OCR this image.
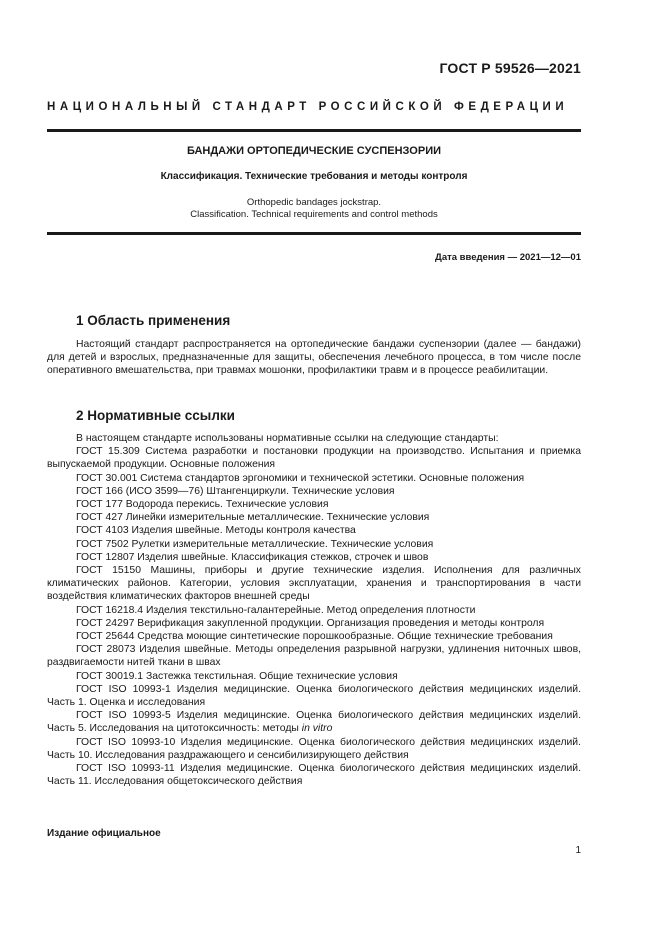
ГОСТ Р 59526—2021
НАЦИОНАЛЬНЫЙ СТАНДАРТ РОССИЙСКОЙ ФЕДЕРАЦИИ
БАНДАЖИ ОРТОПЕДИЧЕСКИЕ СУСПЕНЗОРИИ
Классификация. Технические требования и методы контроля
Orthopedic bandages jockstrap.
Classification. Technical requirements and control methods
Дата введения — 2021—12—01
1 Область применения

Настоящий стандарт распространяется на ортопедические бандажи суспензории (далее — бандажи) для детей и взрослых, предназначенные для защиты, обеспечения лечебного процесса, в том числе после оперативного вмешательства, при травмах мошонки, профилактики травм и в процессе реабилитации.

2 Нормативные ссылки

В настоящем стандарте использованы нормативные ссылки на следующие стандарты:

ГОСТ 15.309 Система разработки и постановки продукции на производство. Испытания и приемка выпускаемой продукции. Основные положения

ГОСТ 30.001 Система стандартов эргономики и технической эстетики. Основные положения

ГОСТ 166 (ИСО 3599—76) Штангенциркули. Технические условия

ГОСТ 177 Водорода перекись. Технические условия

ГОСТ 427 Линейки измерительные металлические. Технические условия

ГОСТ 4103 Изделия швейные. Методы контроля качества

ГОСТ 7502 Рулетки измерительные металлические. Технические условия

ГОСТ 12807 Изделия швейные. Классификация стежков, строчек и швов

ГОСТ 15150 Машины, приборы и другие технические изделия. Исполнения для различных климатических районов. Категории, условия эксплуатации, хранения и транспортирования в части воздействия климатических факторов внешней среды

ГОСТ 16218.4 Изделия текстильно-галантерейные. Метод определения плотности

ГОСТ 24297 Верификация закупленной продукции. Организация проведения и методы контроля

ГОСТ 25644 Средства моющие синтетические порошкообразные. Общие технические требования

ГОСТ 28073 Изделия швейные. Методы определения разрывной нагрузки, удлинения ниточных швов, раздвигаемости нитей ткани в швах

ГОСТ 30019.1 Застежка текстильная. Общие технические условия

ГОСТ ISO 10993-1 Изделия медицинские. Оценка биологического действия медицинских изделий. Часть 1. Оценка и исследования

ГОСТ ISO 10993-5 Изделия медицинские. Оценка биологического действия медицинских изделий. Часть 5. Исследования на цитотоксичность: методы in vitro

ГОСТ ISO 10993-10 Изделия медицинские. Оценка биологического действия медицинских изделий. Часть 10. Исследования раздражающего и сенсибилизирующего действия

ГОСТ ISO 10993-11 Изделия медицинские. Оценка биологического действия медицинских изделий. Часть 11. Исследования общетоксического действия

Издание официальное
1
